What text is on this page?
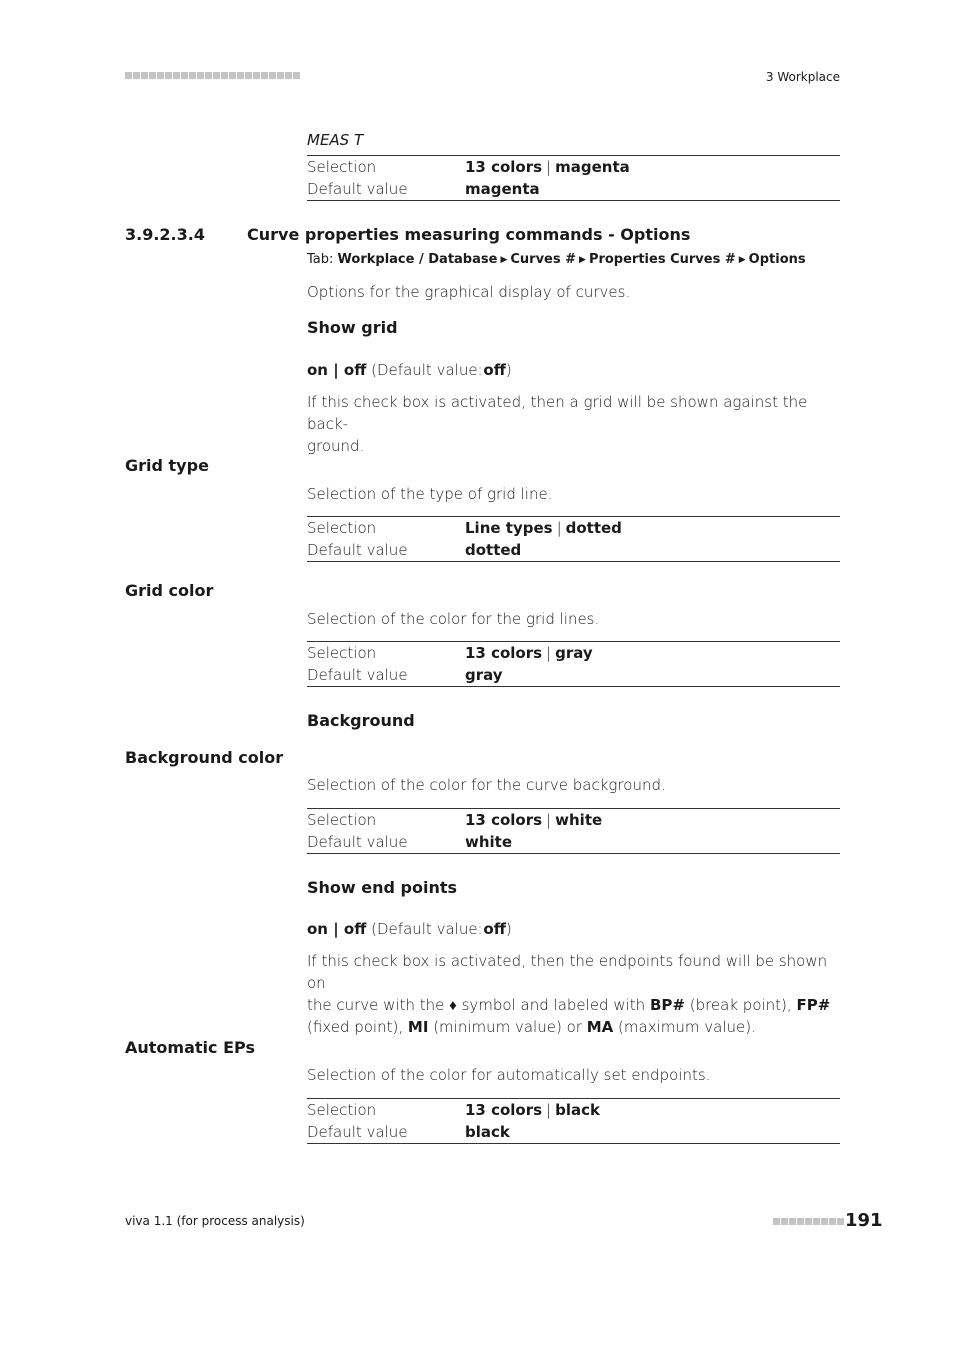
3 Workplace
MEAS T
Selection	13 colors | magenta
Default value	magenta
3.9.2.3.4	Curve properties measuring commands - Options
Tab: Workplace / Database ▶ Curves # ▶ Properties Curves # ▶ Options
Options for the graphical display of curves.
Show grid
on | off (Default value: off)
If this check box is activated, then a grid will be shown against the back-
ground.
Grid type
Selection of the type of grid line.
Selection	Line types | dotted
Default value	dotted
Grid color
Selection of the color for the grid lines.
Selection	13 colors | gray
Default value	gray
Background
Background color
Selection of the color for the curve background.
Selection	13 colors | white
Default value	white
Show end points
on | off (Default value: off)
If this check box is activated, then the endpoints found will be shown on
the curve with the ♦ symbol and labeled with BP# (break point), FP#
(fixed point), MI (minimum value) or MA (maximum value).
Automatic EPs
Selection of the color for automatically set endpoints.
Selection	13 colors | black
Default value	black
viva 1.1 (for process analysis)	191
